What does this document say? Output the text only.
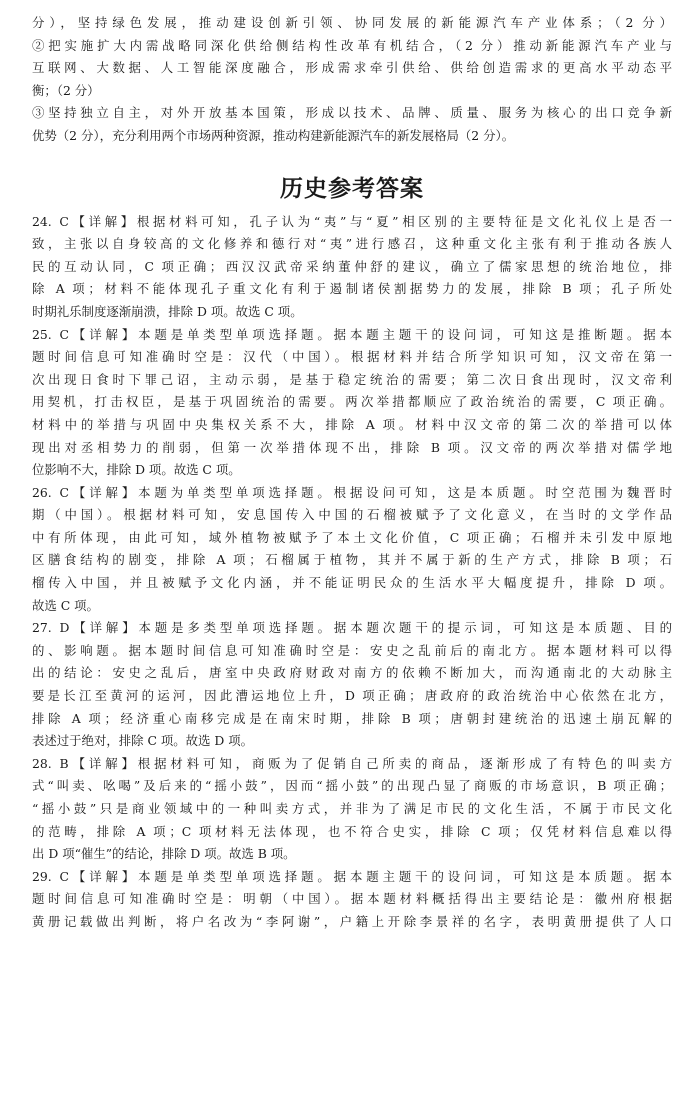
分），坚持绿色发展，推动建设创新引领、协同发展的新能源汽车产业体系；（2 分）
②把实施扩大内需战略同深化供给侧结构性改革有机结合，（2 分）推动新能源汽车产业与
互联网、大数据、人工智能深度融合，形成需求牵引供给、供给创造需求的更高水平动态平
衡；（2 分）
③坚持独立自主，对外开放基本国策，形成以技术、品牌、质量、服务为核心的出口竞争新
优势（2 分），充分利用两个市场两种资源，推动构建新能源汽车的新发展格局（2 分）。
历史参考答案
24. C【详解】根据材料可知，孔子认为“夷”与“夏”相区别的主要特征是文化礼仪上是否一
致，主张以自身较高的文化修养和德行对“夷”进行感召，这种重文化主张有利于推动各族人
民的互动认同，C 项正确；西汉汉武帝采纳董仲舒的建议，确立了儒家思想的统治地位，排
除 A 项；材料不能体现孔子重文化有利于遏制诸侯割据势力的发展，排除 B 项；孔子所处
时期礼乐制度逐渐崩溃，排除 D 项。故选 C 项。
25. C【详解】本题是单类型单项选择题。据本题主题干的设问词，可知这是推断题。据本
题时间信息可知准确时空是：汉代（中国）。根据材料并结合所学知识可知，汉文帝在第一
次出现日食时下罪己诏，主动示弱，是基于稳定统治的需要；第二次日食出现时，汉文帝利
用契机，打击权臣，是基于巩固统治的需要。两次举措都顺应了政治统治的需要，C 项正确。
材料中的举措与巩固中央集权关系不大，排除 A 项。材料中汉文帝的第二次的举措可以体
现出对丞相势力的削弱，但第一次举措体现不出，排除 B 项。汉文帝的两次举措对儒学地
位影响不大，排除 D 项。故选 C 项。
26. C【详解】本题为单类型单项选择题。根据设问可知，这是本质题。时空范围为魏晋时
期（中国）。根据材料可知，安息国传入中国的石榴被赋予了文化意义，在当时的文学作品
中有所体现，由此可知，域外植物被赋予了本土文化价值，C 项正确；石榴并未引发中原地
区膳食结构的剧变，排除 A 项；石榴属于植物，其并不属于新的生产方式，排除 B 项；石
榴传入中国，并且被赋予文化内涵，并不能证明民众的生活水平大幅度提升，排除 D 项。
故选 C 项。
27. D【详解】本题是多类型单项选择题。据本题次题干的提示词，可知这是本质题、目的
的、影响题。据本题时间信息可知准确时空是：安史之乱前后的南北方。据本题材料可以得
出的结论：安史之乱后，唐室中央政府财政对南方的依赖不断加大，而沟通南北的大动脉主
要是长江至黄河的运河，因此漕运地位上升，D 项正确；唐政府的政治统治中心依然在北方，
排除 A 项；经济重心南移完成是在南宋时期，排除 B 项；唐朝封建统治的迅速土崩瓦解的
表述过于绝对，排除 C 项。故选 D 项。
28. B【详解】根据材料可知，商贩为了促销自己所卖的商品，逐渐形成了有特色的叫卖方
式“叫卖、吆喝”及后来的“摇小鼓”，因而“摇小鼓”的出现凸显了商贩的市场意识，B 项正确；
“摇小鼓”只是商业领域中的一种叫卖方式，并非为了满足市民的文化生活，不属于市民文化
的范畴，排除 A 项；C 项材料无法体现，也不符合史实，排除 C 项；仅凭材料信息难以得
出 D 项“催生”的结论，排除 D 项。故选 B 项。
29. C【详解】本题是单类型单项选择题。据本题主题干的设问词，可知这是本质题。据本
题时间信息可知准确时空是：明朝（中国）。据本题材料概括得出主要结论是：徽州府根据
黄册记载做出判断，将户名改为“李阿谢”，户籍上开除李景祥的名字，表明黄册提供了人口
